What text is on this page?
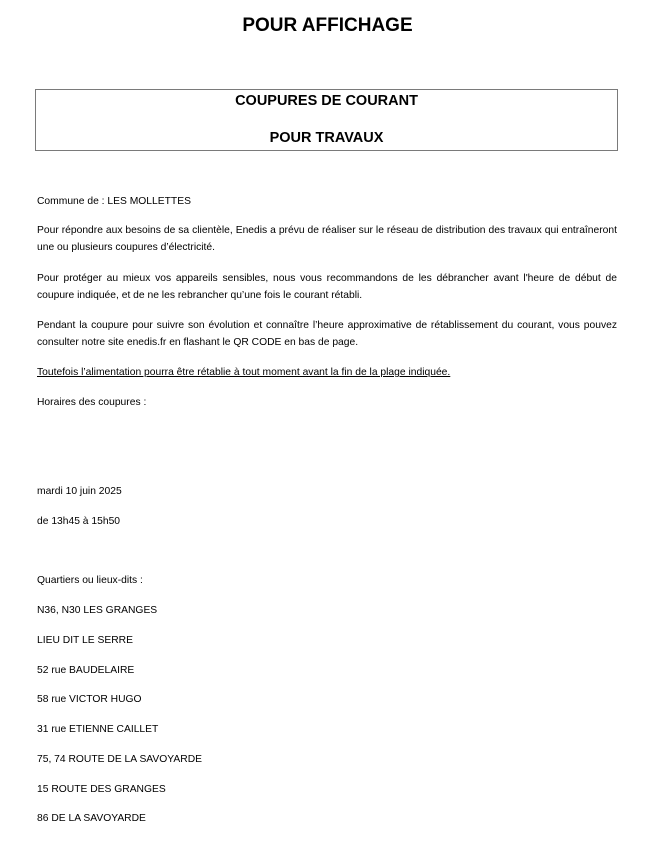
POUR AFFICHAGE
COUPURES DE COURANT
POUR TRAVAUX

Commune de : LES MOLLETTES

Pour répondre aux besoins de sa clientèle, Enedis a prévu de réaliser sur le réseau de distribution des travaux qui entraîneront une ou plusieurs coupures d’électricité.

Pour protéger au mieux vos appareils sensibles, nous vous recommandons de les débrancher avant l'heure de début de coupure indiquée, et de ne les rebrancher qu’une fois le courant rétabli.

Pendant la coupure pour suivre son évolution et connaître l’heure approximative de rétablissement du courant, vous pouvez consulter notre site enedis.fr en flashant le QR CODE en bas de page.

Toutefois l’alimentation pourra être rétablie à tout moment avant la fin de la plage indiquée.

Horaires des coupures :

mardi 10 juin 2025

de 13h45 à 15h50

Quartiers ou lieux-dits :

N36, N30 LES GRANGES

LIEU DIT LE SERRE

52 rue BAUDELAIRE

58 rue VICTOR HUGO

31 rue ETIENNE CAILLET

75, 74 ROUTE DE LA SAVOYARDE

15 ROUTE DES GRANGES

86 DE LA SAVOYARDE
